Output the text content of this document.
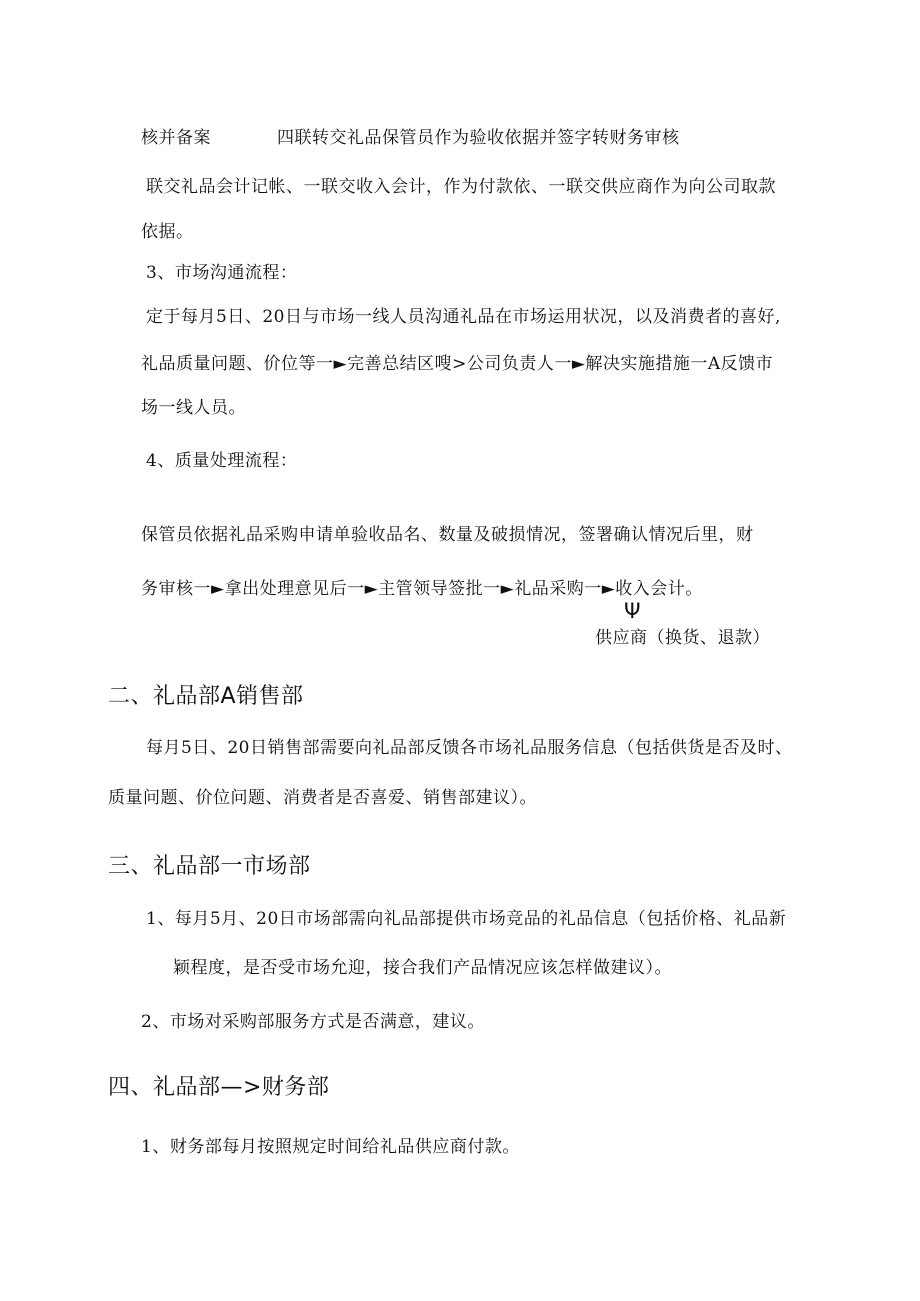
核并备案	四联转交礼品保管员作为验收依据并签字转财务审核
联交礼品会计记帐、一联交收入会计，作为付款依、一联交供应商作为向公司取款
依据。
3、市场沟通流程：
定于每月5日、20日与市场一线人员沟通礼品在市场运用状况，以及消费者的喜好,
礼品质量问题、价位等一►完善总结区嗖>公司负责人一►解决实施措施一A反馈市
场一线人员。
4、质量处理流程：
保管员依据礼品采购申请单验收品名、数量及破损情况，签署确认情况后里，财
务审核一►拿出处理意见后一►主管领导签批一►礼品采购一►收入会计。
Ψ
供应商（换货、退款）
二、礼品部A销售部
每月5日、20日销售部需要向礼品部反馈各市场礼品服务信息（包括供货是否及时、
质量问题、价位问题、消费者是否喜爱、销售部建议）。
三、礼品部一市场部
1、每月5月、20日市场部需向礼品部提供市场竞品的礼品信息（包括价格、礼品新
颖程度，是否受市场允迎，接合我们产品情况应该怎样做建议）。
2、市场对采购部服务方式是否满意，建议。
四、礼品部—>财务部
1、财务部每月按照规定时间给礼品供应商付款。
